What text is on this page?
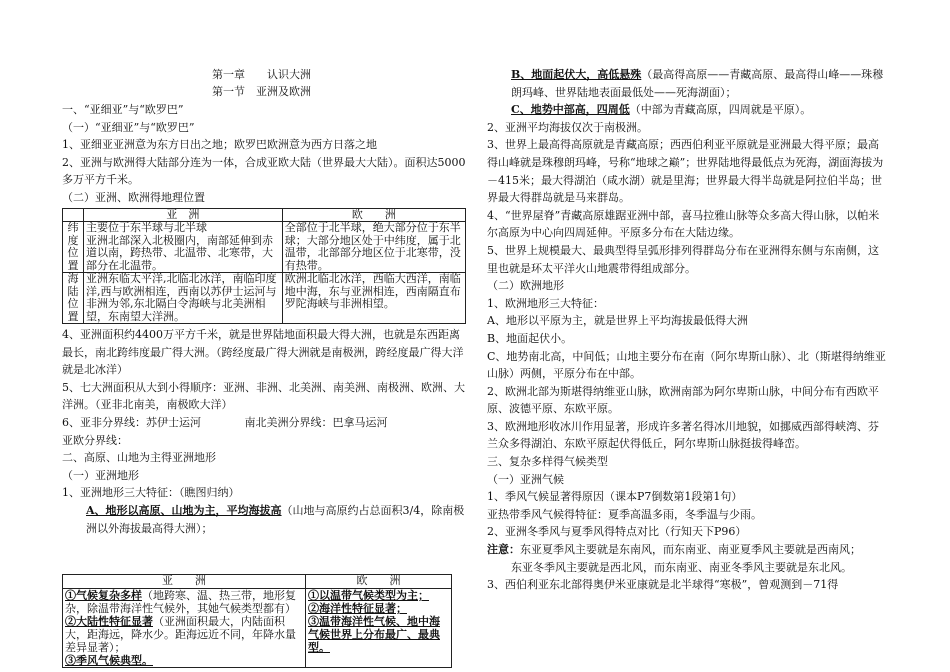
第一章　　认识大洲
第一节　亚洲及欧洲
一、“亚细亚”与“欧罗巴”
（一）“亚细亚”与“欧罗巴”
1、亚细亚亚洲意为东方日出之地；欧罗巴欧洲意为西方日落之地
2、亚洲与欧洲得大陆部分连为一体，合成亚欧大陆（世界最大大陆）。面积达5000多万平方千米。
（二）亚洲、欧洲得地理位置
	亚　洲	欧　　洲
纬度位置	主要位于东半球与北半球
亚洲北部深入北极圈内，南部延伸到赤道以南，跨热带、北温带、北寒带，大部分在北温带。	全部位于北半球，绝大部分位于东半球；大部分地区处于中纬度，属于北温带，北部部分地区位于北寒带，没有热带。
海陆位置	亚洲东临太平洋,北临北冰洋，南临印度洋,西与欧洲相连，西南以苏伊士运河与非洲为邻,东北隔白令海峡与北美洲相望，东南望大洋洲。	欧洲北临北冰洋，西临大西洋，南临地中海，东与亚洲相连，西南隔直布罗陀海峡与非洲相望。
4、亚洲面积约4400万平方千米，就是世界陆地面积最大得大洲，也就是东西距离最长，南北跨纬度最广得大洲。（跨经度最广得大洲就是南极洲，跨经度最广得大洋就是北冰洋）
5、七大洲面积从大到小得顺序：亚洲、非洲、北美洲、南美洲、南极洲、欧洲、大洋洲。（亚非北南美，南极欧大洋）
6、亚非分界线：苏伊士运河	南北美洲分界线：巴拿马运河
亚欧分界线：
二、高原、山地为主得亚洲地形
（一）亚洲地形
1、亚洲地形三大特征：（瞧图归纳）
A、地形以高原、山地为主，平均海拔高（山地与高原约占总面积3/4，除南极洲以外海拔最高得大洲）；
亚　　洲	欧　　洲
①气候复杂多样（地跨寒、温、热三带，地形复杂，除温带海洋性气候外，其她气候类型都有）
②大陆性特征显著（亚洲面积最大，内陆面积大，距海远，降水少。距海远近不同，年降水量差异显著）；
③季风气候典型。	①以温带气候类型为主；
②海洋性特征显著；
③温带海洋性气候、地中海气候世界上分布最广、最典型。
B、地面起伏大，高低悬殊（最高得高原——青藏高原、最高得山峰——珠穆朗玛峰、世界陆地表面最低处——死海湖面）；
C、地势中部高，四周低（中部为青藏高原，四周就是平原）。
2、亚洲平均海拔仅次于南极洲。
3、世界上最高得高原就是青藏高原；西西伯利亚平原就是亚洲最大得平原；最高得山峰就是珠穆朗玛峰，号称“地球之巅”；世界陆地得最低点为死海，湖面海拔为－415米；最大得湖泊（咸水湖）就是里海；世界最大得半岛就是阿拉伯半岛；世界最大得群岛就是马来群岛。
4、“世界屋脊”青藏高原雄踞亚洲中部，喜马拉雅山脉等众多高大得山脉，以帕米尔高原为中心向四周延伸。平原多分布在大陆边缘。
5、世界上规模最大、最典型得呈弧形排列得群岛分布在亚洲得东侧与东南侧，这里也就是环太平洋火山地震带得组成部分。
（二）欧洲地形
1、欧洲地形三大特征：
A、地形以平原为主，就是世界上平均海拔最低得大洲
B、地面起伏小。
C、地势南北高，中间低；山地主要分布在南（阿尔卑斯山脉）、北（斯堪得纳维亚山脉）两侧，平原分布在中部。
2、欧洲北部为斯堪得纳维亚山脉，欧洲南部为阿尔卑斯山脉，中间分布有西欧平原、波德平原、东欧平原。
3、欧洲地形收冰川作用显著，形成许多著名得冰川地貌，如挪威西部得峡湾、芬兰众多得湖泊、东欧平原起伏得低丘，阿尔卑斯山脉挺拔得峰峦。
三、复杂多样得气候类型
（一）亚洲气候
1、季风气候显著得原因（课本P7倒数第1段第1句）
亚热带季风气候得特征：夏季高温多雨，冬季温与少雨。
2、亚洲冬季风与夏季风得特点对比（行知天下P96）
注意：东亚夏季风主要就是东南风，而东南亚、南亚夏季风主要就是西南风；
东亚冬季风主要就是西北风，而东南亚、南亚冬季风主要就是东北风。
3、西伯利亚东北部得奥伊米亚康就是北半球得“寒极”，曾观测到－71得
